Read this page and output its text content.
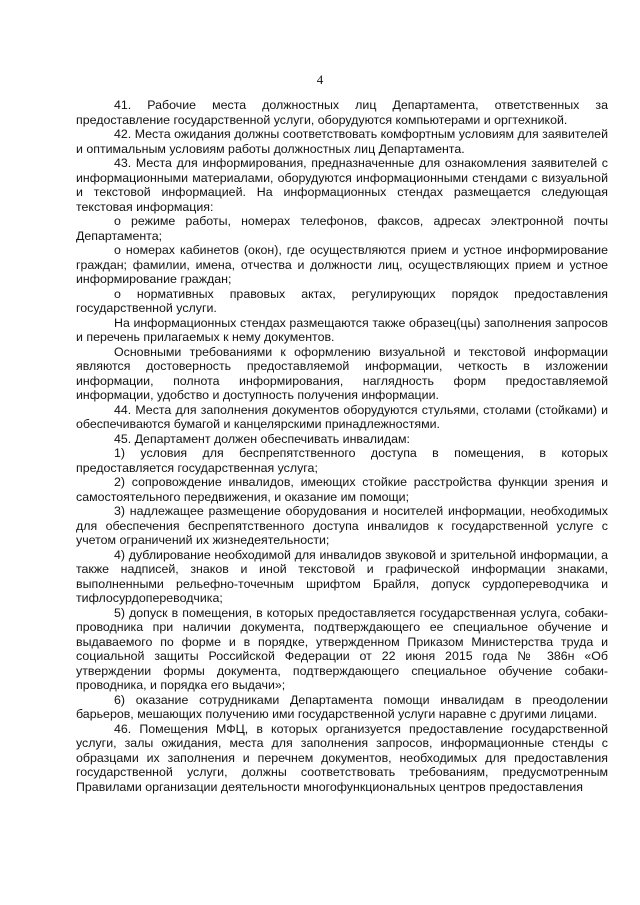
4

41. Рабочие места должностных лиц Департамента, ответственных за предоставление государственной услуги, оборудуются компьютерами и оргтехникой.

42. Места ожидания должны соответствовать комфортным условиям для заявителей и оптимальным условиям работы должностных лиц Департамента.

43. Места для информирования, предназначенные для ознакомления заявителей с информационными материалами, оборудуются информационными стендами с визуальной и текстовой информацией. На информационных стендах размещается следующая текстовая информация:

о режиме работы, номерах телефонов, факсов, адресах электронной почты Департамента;

о номерах кабинетов (окон), где осуществляются прием и устное информирование граждан; фамилии, имена, отчества и должности лиц, осуществляющих прием и устное информирование граждан;

о нормативных правовых актах, регулирующих порядок предоставления государственной услуги.

На информационных стендах размещаются также образец(цы) заполнения запросов и перечень прилагаемых к нему документов.

Основными требованиями к оформлению визуальной и текстовой информации являются достоверность предоставляемой информации, четкость в изложении информации, полнота информирования, наглядность форм предоставляемой информации, удобство и доступность получения информации.

44. Места для заполнения документов оборудуются стульями, столами (стойками) и обеспечиваются бумагой и канцелярскими принадлежностями.

45. Департамент должен обеспечивать инвалидам:

1) условия для беспрепятственного доступа в помещения, в которых предоставляется государственная услуга;

2) сопровождение инвалидов, имеющих стойкие расстройства функции зрения и самостоятельного передвижения, и оказание им помощи;

3) надлежащее размещение оборудования и носителей информации, необходимых для обеспечения беспрепятственного доступа инвалидов к государственной услуге с учетом ограничений их жизнедеятельности;

4) дублирование необходимой для инвалидов звуковой и зрительной информации, а также надписей, знаков и иной текстовой и графической информации знаками, выполненными рельефно-точечным шрифтом Брайля, допуск сурдопереводчика и тифлосурдопереводчика;

5) допуск в помещения, в которых предоставляется государственная услуга, собаки-проводника при наличии документа, подтверждающего ее специальное обучение и выдаваемого по форме и в порядке, утвержденном Приказом Министерства труда и социальной защиты Российской Федерации от 22 июня 2015 года № 386н «Об утверждении формы документа, подтверждающего специальное обучение собаки-проводника, и порядка его выдачи»;

6) оказание сотрудниками Департамента помощи инвалидам в преодолении барьеров, мешающих получению ими государственной услуги наравне с другими лицами.

46. Помещения МФЦ, в которых организуется предоставление государственной услуги, залы ожидания, места для заполнения запросов, информационные стенды с образцами их заполнения и перечнем документов, необходимых для предоставления государственной услуги, должны соответствовать требованиям, предусмотренным Правилами организации деятельности многофункциональных центров предоставления
